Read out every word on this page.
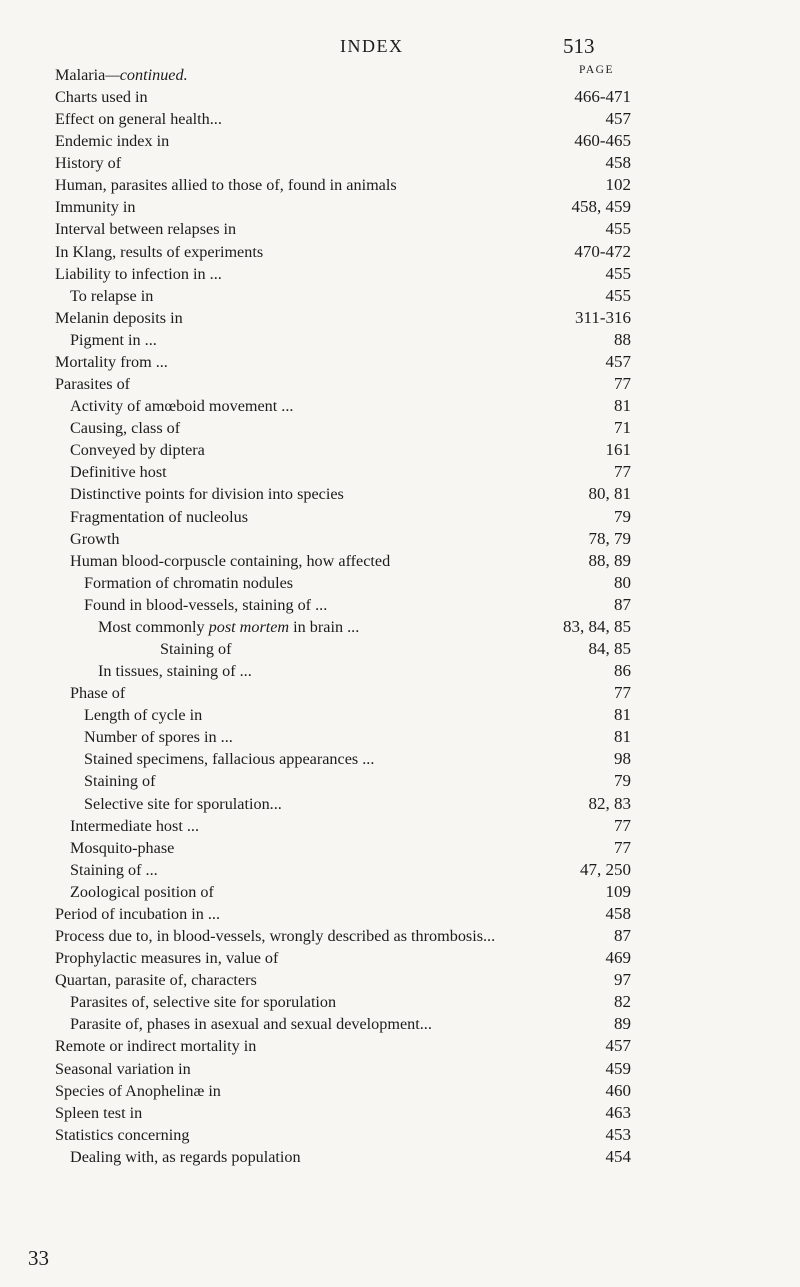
INDEX	513
Malaria—continued.	PAGE
Charts used in	466-471
Effect on general health...	457
Endemic index in	460-465
History of	458
Human, parasites allied to those of, found in animals	102
Immunity in	458, 459
Interval between relapses in	455
In Klang, results of experiments	470-472
Liability to infection in ...	455
To relapse in	455
Melanin deposits in	311-316
Pigment in ...	88
Mortality from ...	457
Parasites of	77
Activity of amœboid movement ...	81
Causing, class of	71
Conveyed by diptera	161
Definitive host	77
Distinctive points for division into species	80, 81
Fragmentation of nucleolus	79
Growth	78, 79
Human blood-corpuscle containing, how affected	88, 89
Formation of chromatin nodules	80
Found in blood-vessels, staining of ...	87
Most commonly post mortem in brain ...	83, 84, 85
Staining of	84, 85
In tissues, staining of ...	86
Phase of	77
Length of cycle in	81
Number of spores in ...	81
Stained specimens, fallacious appearances ...	98
Staining of	79
Selective site for sporulation...	82, 83
Intermediate host ...	77
Mosquito-phase	77
Staining of ...	47, 250
Zoological position of	109
Period of incubation in ...	458
Process due to, in blood-vessels, wrongly described as thrombosis...	87
Prophylactic measures in, value of	469
Quartan, parasite of, characters	97
Parasites of, selective site for sporulation	82
Parasite of, phases in asexual and sexual development...	89
Remote or indirect mortality in	457
Seasonal variation in	459
Species of Anophelinæ in	460
Spleen test in	463
Statistics concerning	453
Dealing with, as regards population	454
33
